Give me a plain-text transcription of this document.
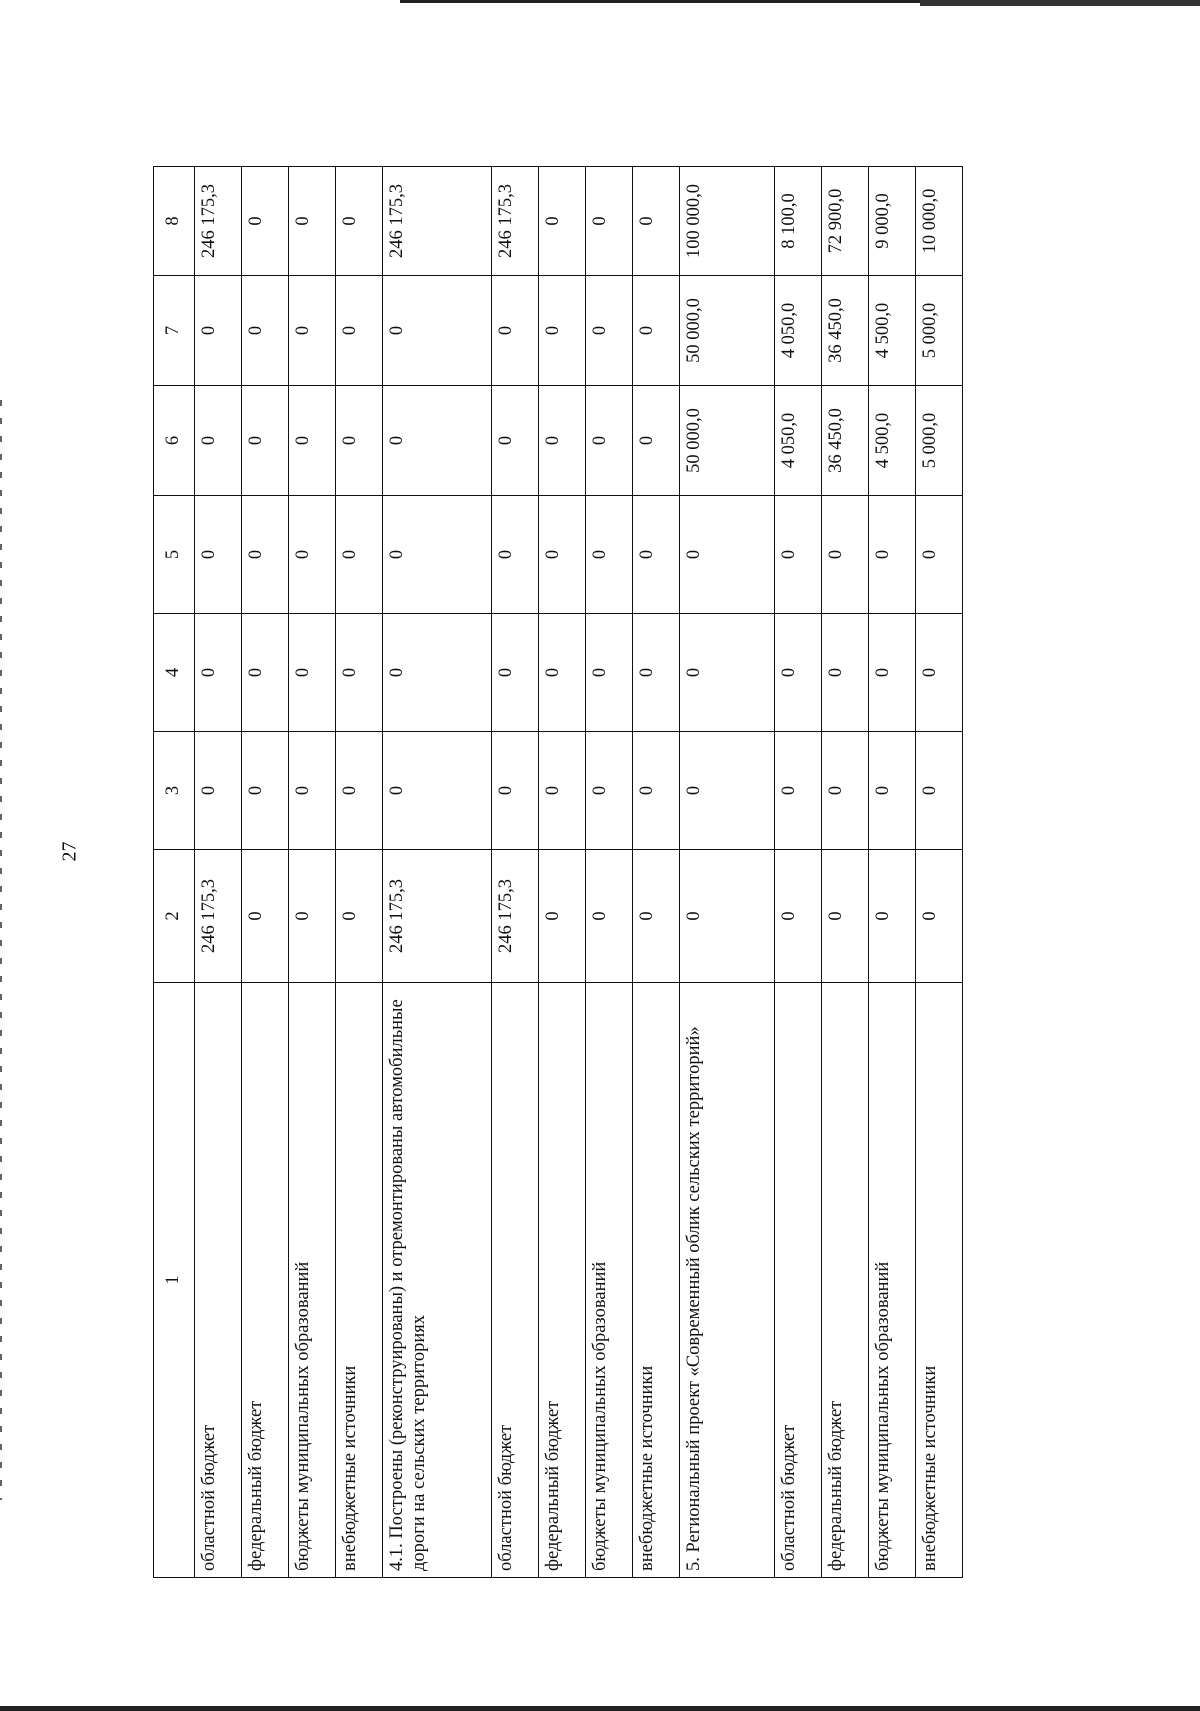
27
1	2	3	4	5	6	7	8
областной бюджет	246 175,3	0	0	0	0	0	246 175,3
федеральный бюджет	0	0	0	0	0	0	0
бюджеты муниципальных образований	0	0	0	0	0	0	0
внебюджетные источники	0	0	0	0	0	0	0
4.1. Построены (реконструированы) и отремонтированы автомобильные дороги на сельских территориях	246 175,3	0	0	0	0	0	246 175,3
областной бюджет	246 175,3	0	0	0	0	0	246 175,3
федеральный бюджет	0	0	0	0	0	0	0
бюджеты муниципальных образований	0	0	0	0	0	0	0
внебюджетные источники	0	0	0	0	0	0	0
5. Региональный проект «Современный облик сельских территорий»	0	0	0	0	50 000,0	50 000,0	100 000,0
областной бюджет	0	0	0	0	4 050,0	4 050,0	8 100,0
федеральный бюджет	0	0	0	0	36 450,0	36 450,0	72 900,0
бюджеты муниципальных образований	0	0	0	0	4 500,0	4 500,0	9 000,0
внебюджетные источники	0	0	0	0	5 000,0	5 000,0	10 000,0
